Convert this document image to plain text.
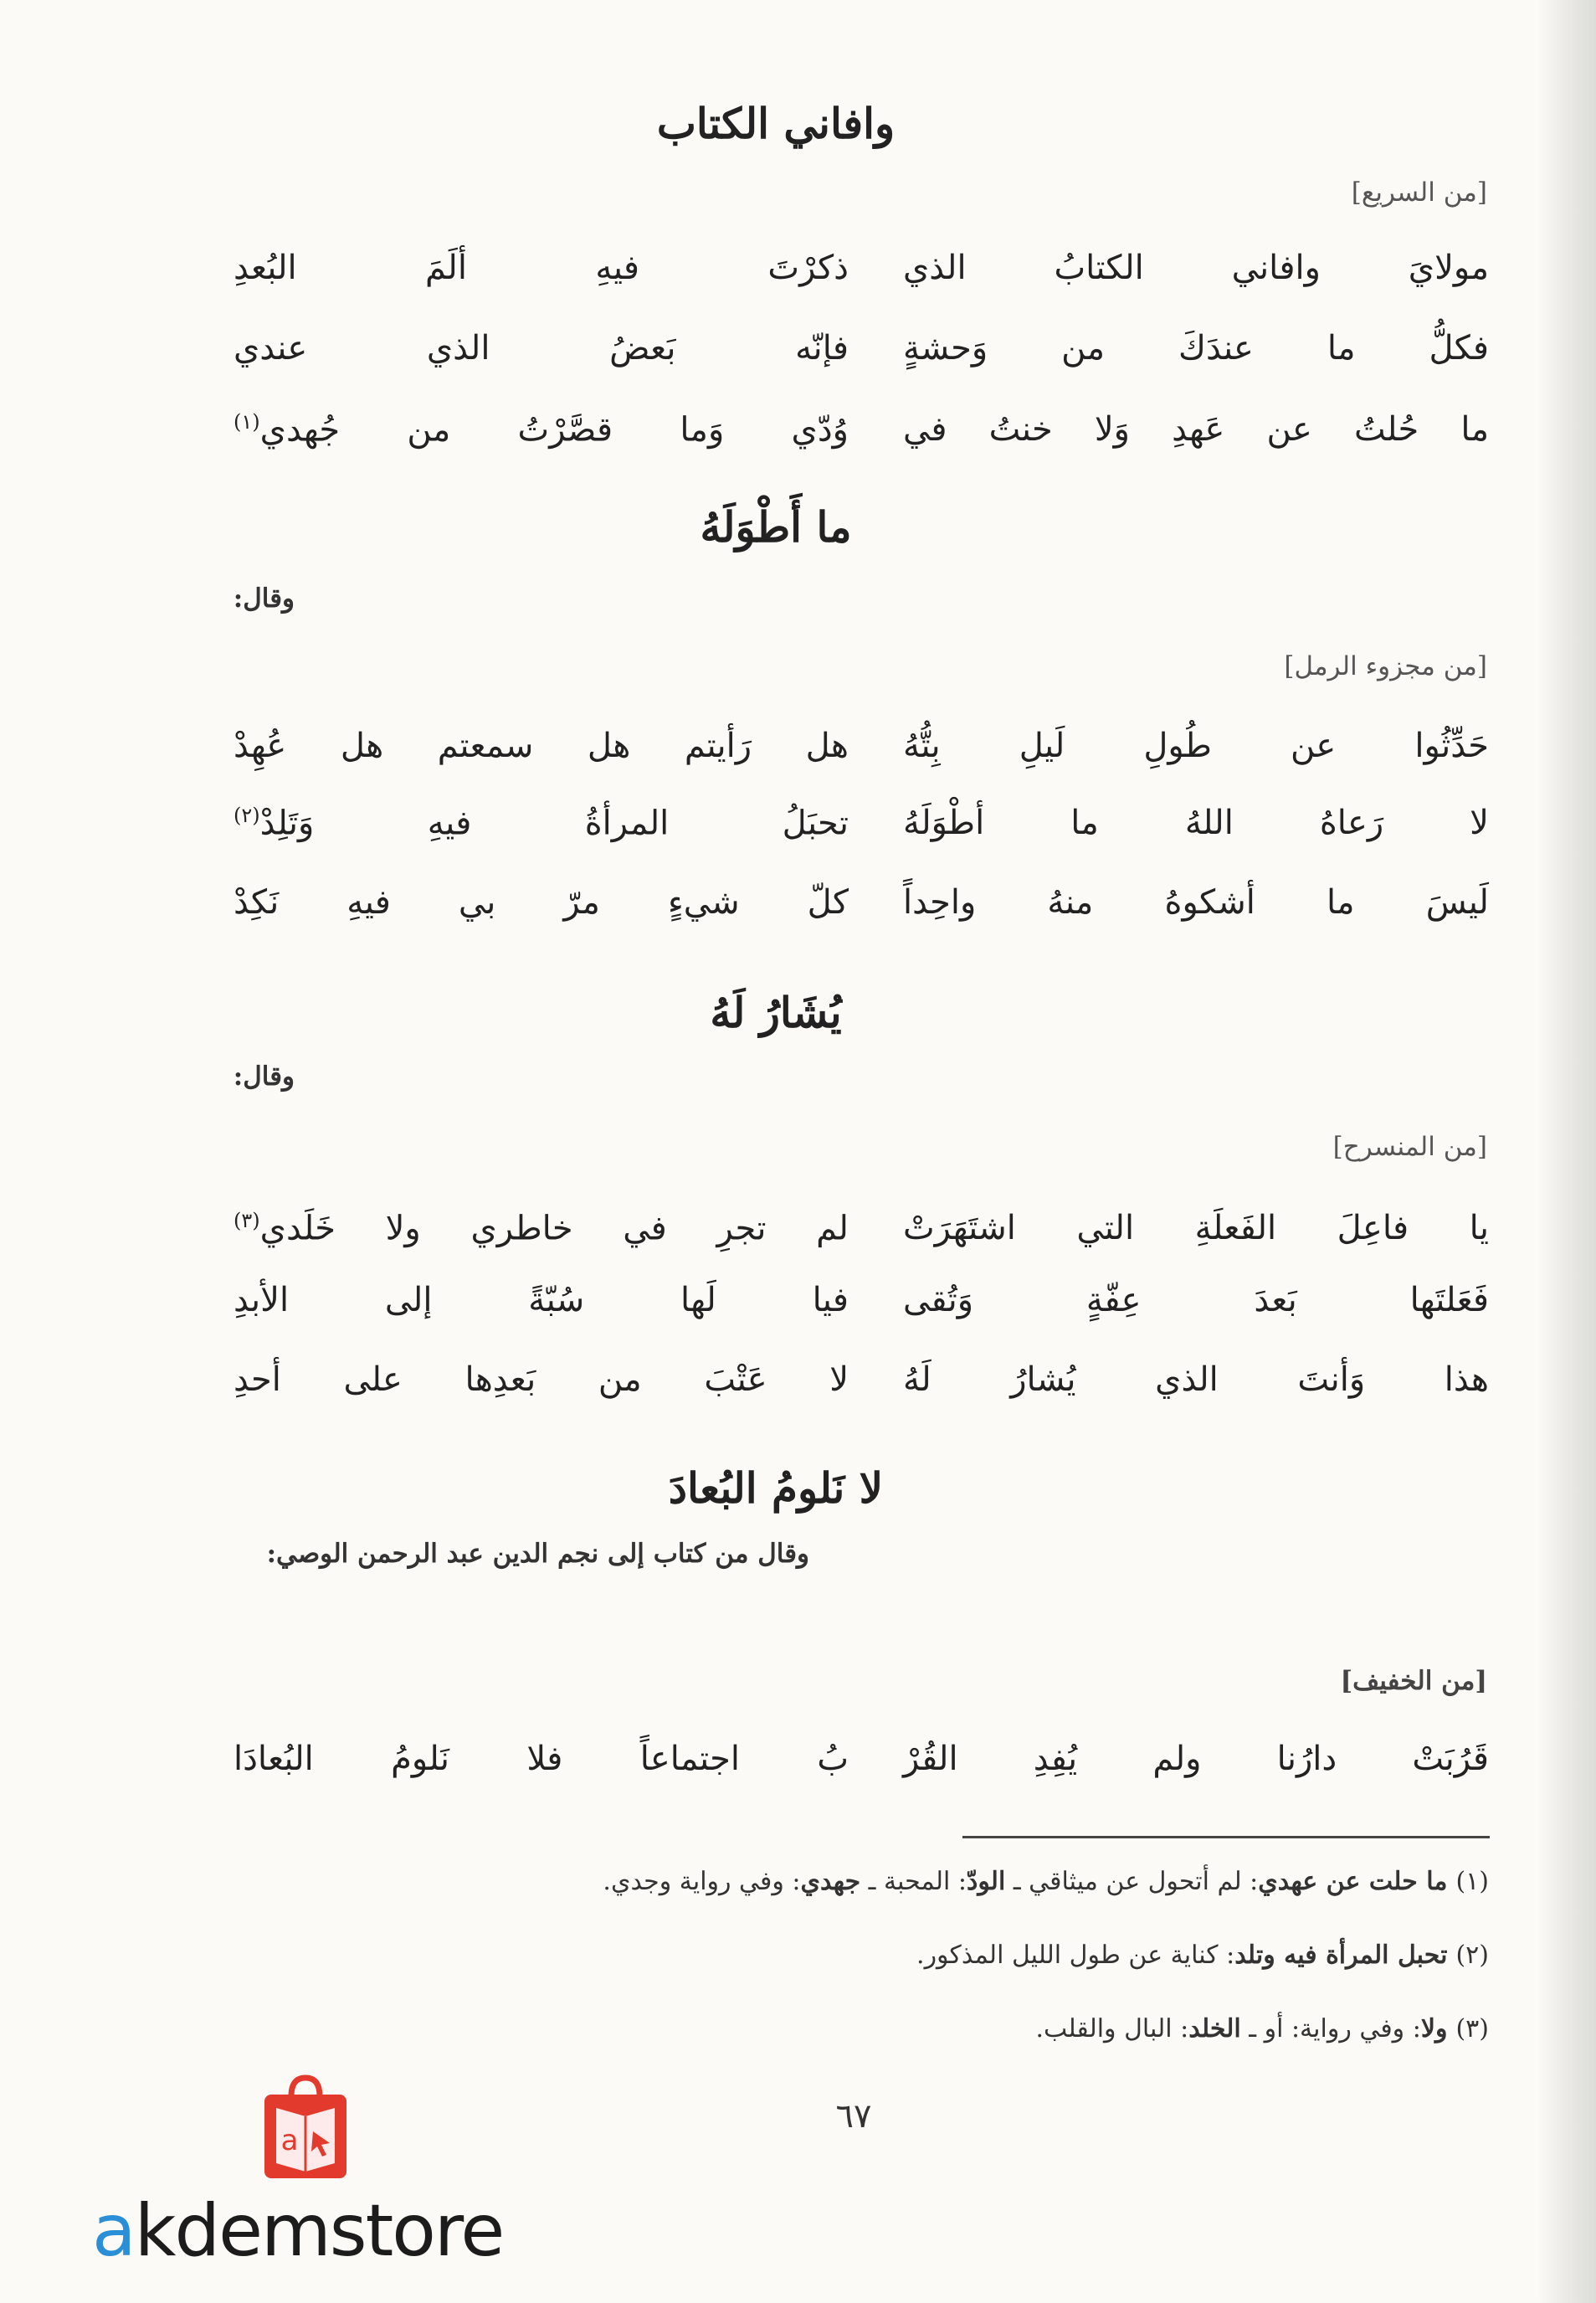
وافاني الكتاب
[من السريع]
مولايَ وافاني الكتابُ الذي
ذكرْتَ فيهِ ألَمَ البُعدِ
فكلُّ ما عندَكَ من وَحشةٍ
فإنّه بَعضُ الذي عندي
ما حُلتُ عن عَهدِ وَلا خنتُ في
وُدّي وَما قصَّرْتُ من جُهدي$^{(١)}$
ما أَطْوَلَهُ
وقال:
[من مجزوء الرمل]
حَدِّثُوا عن طُولِ لَيلِ بِتُّهُ
هل رَأيتم هل سمعتم هل عُهِدْ
لا رَعاهُ اللهُ ما أطْوَلَهُ
تحبَلُ المرأةُ فيهِ وَتَلِدْ$^{(٢)}$
لَيسَ ما أشكوهُ منهُ واحِداً
كلّ شيءٍ مرّ بي فيهِ نَكِدْ
يُشَارُ لَهُ
وقال:
[من المنسرح]
يا فاعِلَ الفَعلَةِ التي اشتَهَرَتْ
لم تجرِ في خاطري ولا خَلَدي$^{(٣)}$
فَعَلتَها بَعدَ عِفّةٍ وَتُقى
فيا لَها سُبّةً إلى الأبدِ
هذا وَأنتَ الذي يُشارُ لَهُ
لا عَتْبَ من بَعدِها على أحدِ
لا نَلومُ البُعادَ
وقال من كتاب إلى نجم الدين عبد الرحمن الوصي:
[من الخفيف]
قَرُبَتْ دارُنا ولم يُفِدِ القُرْ
بُ اجتماعاً فلا نَلومُ البُعادَا
(١)ما حلت عن عهدي: لم أتحول عن ميثاقي ـ الودّ: المحبة ـ جهدي: وفي رواية وجدي.
(٢)تحبل المرأة فيه وتلد: كناية عن طول الليل المذكور.
(٣)ولا: وفي رواية: أو ـ الخلد: البال والقلب.
٦٧
a
akdemstore
